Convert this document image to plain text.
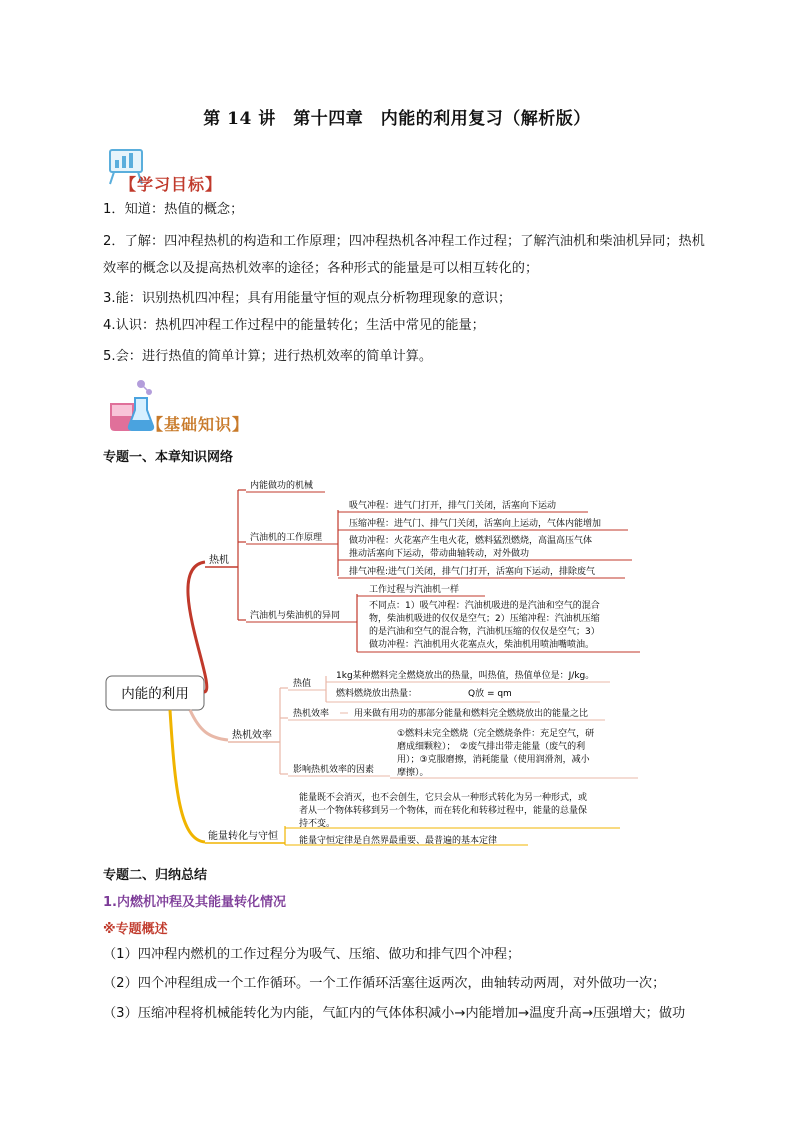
第 14 讲　第十四章　内能的利用复习（解析版）
【学习目标】
1．知道：热值的概念；
2．了解：四冲程热机的构造和工作原理；四冲程热机各冲程工作过程；了解汽油机和柴油机异同；热机效率的概念以及提高热机效率的途径；各种形式的能量是可以相互转化的；
3.能：识别热机四冲程；具有用能量守恒的观点分析物理现象的意识；
4.认识：热机四冲程工作过程中的能量转化；生活中常见的能量；
5.会：进行热值的简单计算；进行热机效率的简单计算。
【基础知识】
专题一、本章知识网络
内能的利用
热机
内能做功的机械
汽油机的工作原理
吸气冲程：进气门打开，排气门关闭，活塞向下运动
压缩冲程：进气门、排气门关闭，活塞向上运动，气体内能增加
做功冲程：火花塞产生电火花，燃料猛烈燃烧，高温高压气体
推动活塞向下运动，带动曲轴转动，对外做功
排气冲程:进气门关闭，排气门打开，活塞向下运动，排除废气
汽油机与柴油机的异同
工作过程与汽油机一样
不同点：1）吸气冲程：汽油机吸进的是汽油和空气的混合
物，柴油机吸进的仅仅是空气；2）压缩冲程：汽油机压缩
的是汽油和空气的混合物，汽油机压缩的仅仅是空气；3）
做功冲程：汽油机用火花塞点火，柴油机用喷油嘴喷油。
热机效率
热值
1kg某种燃料完全燃烧放出的热量，叫热值，热值单位是：J/kg。
燃料燃烧放出热量：	Q放 = qm
热机效率	用来做有用功的那部分能量和燃料完全燃烧放出的能量之比
影响热机效率的因素
①燃料未完全燃烧（完全燃烧条件：充足空气，研
磨成细颗粒）；　②废气排出带走能量（废气的利
用）；③克服磨擦，消耗能量（使用润滑剂，减小
摩擦）。
能量转化与守恒
能量既不会消灭，也不会创生，它只会从一种形式转化为另一种形式，或
者从一个物体转移到另一个物体，而在转化和转移过程中，能量的总量保
持不变。
能量守恒定律是自然界最重要、最普遍的基本定律
专题二、归纳总结
1.内燃机冲程及其能量转化情况
※专题概述
（1）四冲程内燃机的工作过程分为吸气、压缩、做功和排气四个冲程；
（2）四个冲程组成一个工作循环。一个工作循环活塞往返两次，曲轴转动两周，对外做功一次；
（3）压缩冲程将机械能转化为内能，气缸内的气体体积减小→内能增加→温度升高→压强增大；做功
